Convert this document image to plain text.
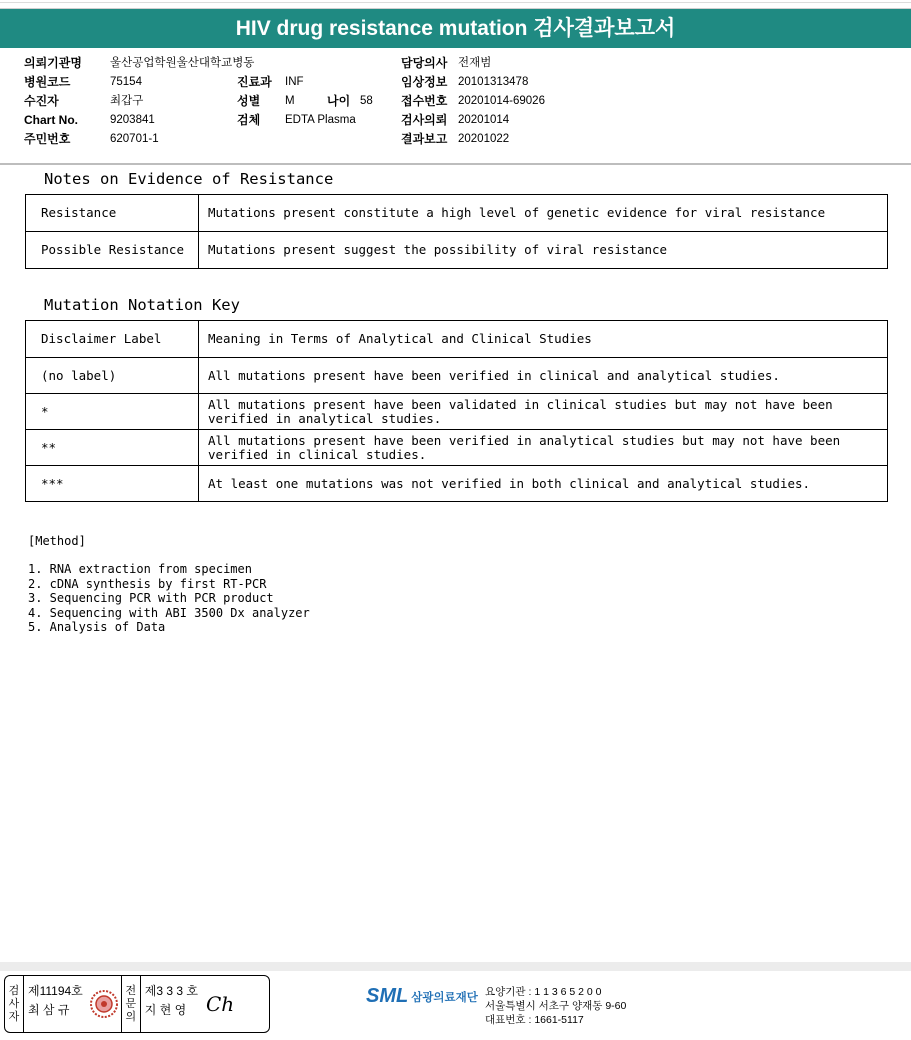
HIV drug resistance mutation 검사결과보고서
의뢰기관명	울산공업학원울산대학교병동
병원코드	75154
수진자	최갑구
Chart No.	9203841
주민번호	620701-1
진료과	INF
성별	M	나이 58
검체	EDTA Plasma
담당의사 전재범
임상정보 20101313478
접수번호 20201014-69026
검사의뢰 20201014
결과보고 20201022
Notes on Evidence of Resistance
Resistance	Mutations present constitute a high level of genetic evidence for viral resistance
Possible Resistance	Mutations present suggest the possibility of viral resistance
Mutation Notation Key
Disclaimer Label	Meaning in Terms of Analytical and Clinical Studies
(no label)	All mutations present have been verified in clinical and analytical studies.
*	All mutations present have been validated in clinical studies but may not have been verified in analytical studies.
**	All mutations present have been verified in analytical studies but may not have been verified in clinical studies.
***	At least one mutations was not verified in both clinical and analytical studies.
[Method]
1. RNA extraction from specimen
2. cDNA synthesis by first RT-PCR
3. Sequencing PCR with PCR product
4. Sequencing with ABI 3500 Dx analyzer
5. Analysis of Data
검
사
자
제11194호
최 삼 규
전
문
의
제3 3 3 호
지 현 영 Ch	SML 삼광의료재단 요양기관 : 1 1 3 6 5 2 0 0
서울특별시 서초구 양재동 9-60
대표번호 : 1661-5117
